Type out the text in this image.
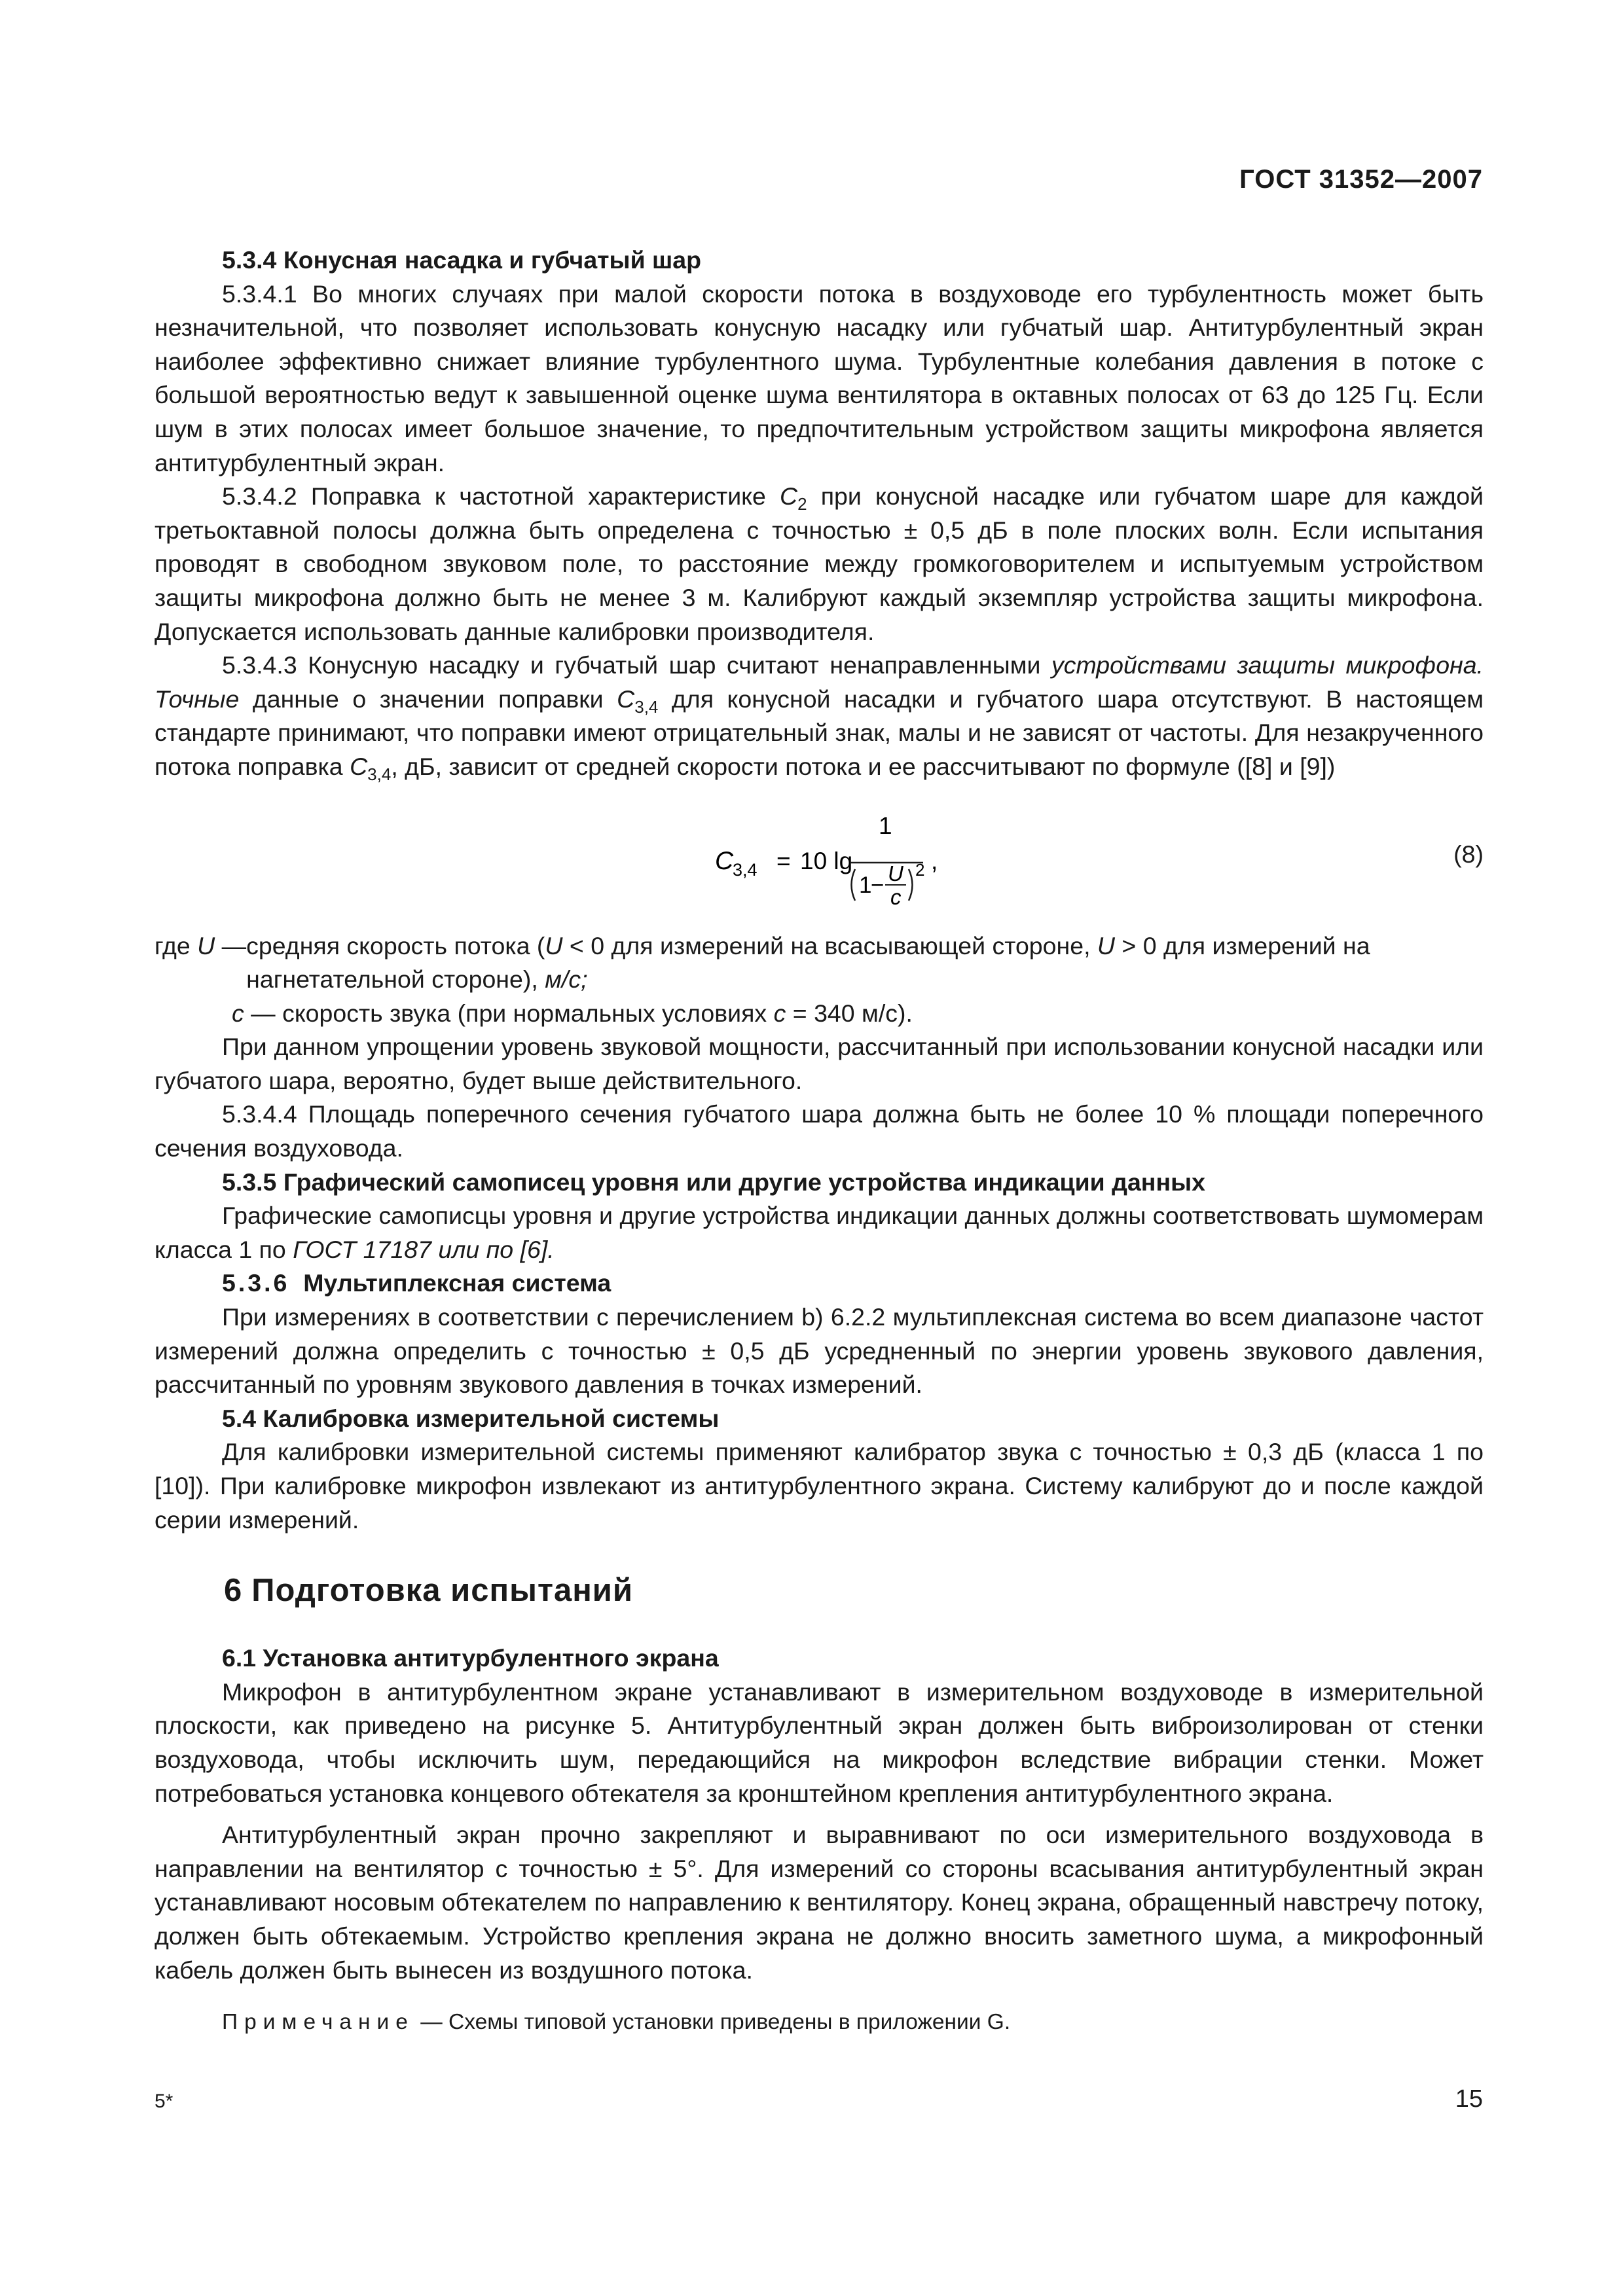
ГОСТ 31352—2007

5.3.4 Конусная насадка и губчатый шар

5.3.4.1 Во многих случаях при малой скорости потока в воздуховоде его турбулентность может быть незначительной, что позволяет использовать конусную насадку или губчатый шар. Антитурбулентный экран наиболее эффективно снижает влияние турбулентного шума. Турбулентные колебания давления в потоке с большой вероятностью ведут к завышенной оценке шума вентилятора в октавных полосах от 63 до 125 Гц. Если шум в этих полосах имеет большое значение, то предпочтительным устройством защиты микрофона является антитурбулентный экран.

5.3.4.2 Поправка к частотной характеристике $C_2$ при конусной насадке или губчатом шаре для каждой третьоктавной полосы должна быть определена с точностью ± 0,5 дБ в поле плоских волн. Если испытания проводят в свободном звуковом поле, то расстояние между громкоговорителем и испытуемым устройством защиты микрофона должно быть не менее 3 м. Калибруют каждый экземпляр устройства защиты микрофона. Допускается использовать данные калибровки производителя.

5.3.4.3 Конусную насадку и губчатый шар считают ненаправленными устройствами защиты микрофона. Точные данные о значении поправки $C_{3,4}$ для конусной насадки и губчатого шара отсутствуют. В настоящем стандарте принимают, что поправки имеют отрицательный знак, малы и не зависят от частоты. Для незакрученного потока поправка $C_{3,4}$, дБ, зависит от средней скорости потока и ее рассчитывают по формуле ([8] и [9])

C
3,4 = 10 lg
1
1
− U
c
2 ,	(8)
где U — средняя скорость потока (U < 0 для измерений на всасывающей стороне, U > 0 для измерений на нагнетательной стороне), м/с;
с — скорость звука (при нормальных условиях с = 340 м/с).

При данном упрощении уровень звуковой мощности, рассчитанный при использовании конусной насадки или губчатого шара, вероятно, будет выше действительного.

5.3.4.4 Площадь поперечного сечения губчатого шара должна быть не более 10 % площади поперечного сечения воздуховода.

5.3.5 Графический самописец уровня или другие устройства индикации данных

Графические самописцы уровня и другие устройства индикации данных должны соответствовать шумомерам класса 1 по ГОСТ 17187 или по [6].

5.3.6 Мультиплексная система

При измерениях в соответствии с перечислением b) 6.2.2 мультиплексная система во всем диапазоне частот измерений должна определить с точностью ± 0,5 дБ усредненный по энергии уровень звукового давления, рассчитанный по уровням звукового давления в точках измерений.

5.4 Калибровка измерительной системы

Для калибровки измерительной системы применяют калибратор звука с точностью ± 0,3 дБ (класса 1 по [10]). При калибровке микрофон извлекают из антитурбулентного экрана. Систему калибруют до и после каждой серии измерений.

6 Подготовка испытаний

6.1 Установка антитурбулентного экрана

Микрофон в антитурбулентном экране устанавливают в измерительном воздуховоде в измерительной плоскости, как приведено на рисунке 5. Антитурбулентный экран должен быть виброизолирован от стенки воздуховода, чтобы исключить шум, передающийся на микрофон вследствие вибрации стенки. Может потребоваться установка концевого обтекателя за кронштейном крепления антитурбулентного экрана.

Антитурбулентный экран прочно закрепляют и выравнивают по оси измерительного воздуховода в направлении на вентилятор с точностью ± 5°. Для измерений со стороны всасывания антитурбулентный экран устанавливают носовым обтекателем по направлению к вентилятору. Конец экрана, обращенный навстречу потоку, должен быть обтекаемым. Устройство крепления экрана не должно вносить заметного шума, а микрофонный кабель должен быть вынесен из воздушного потока.

Примечание — Схемы типовой установки приведены в приложении G.

5*	15
